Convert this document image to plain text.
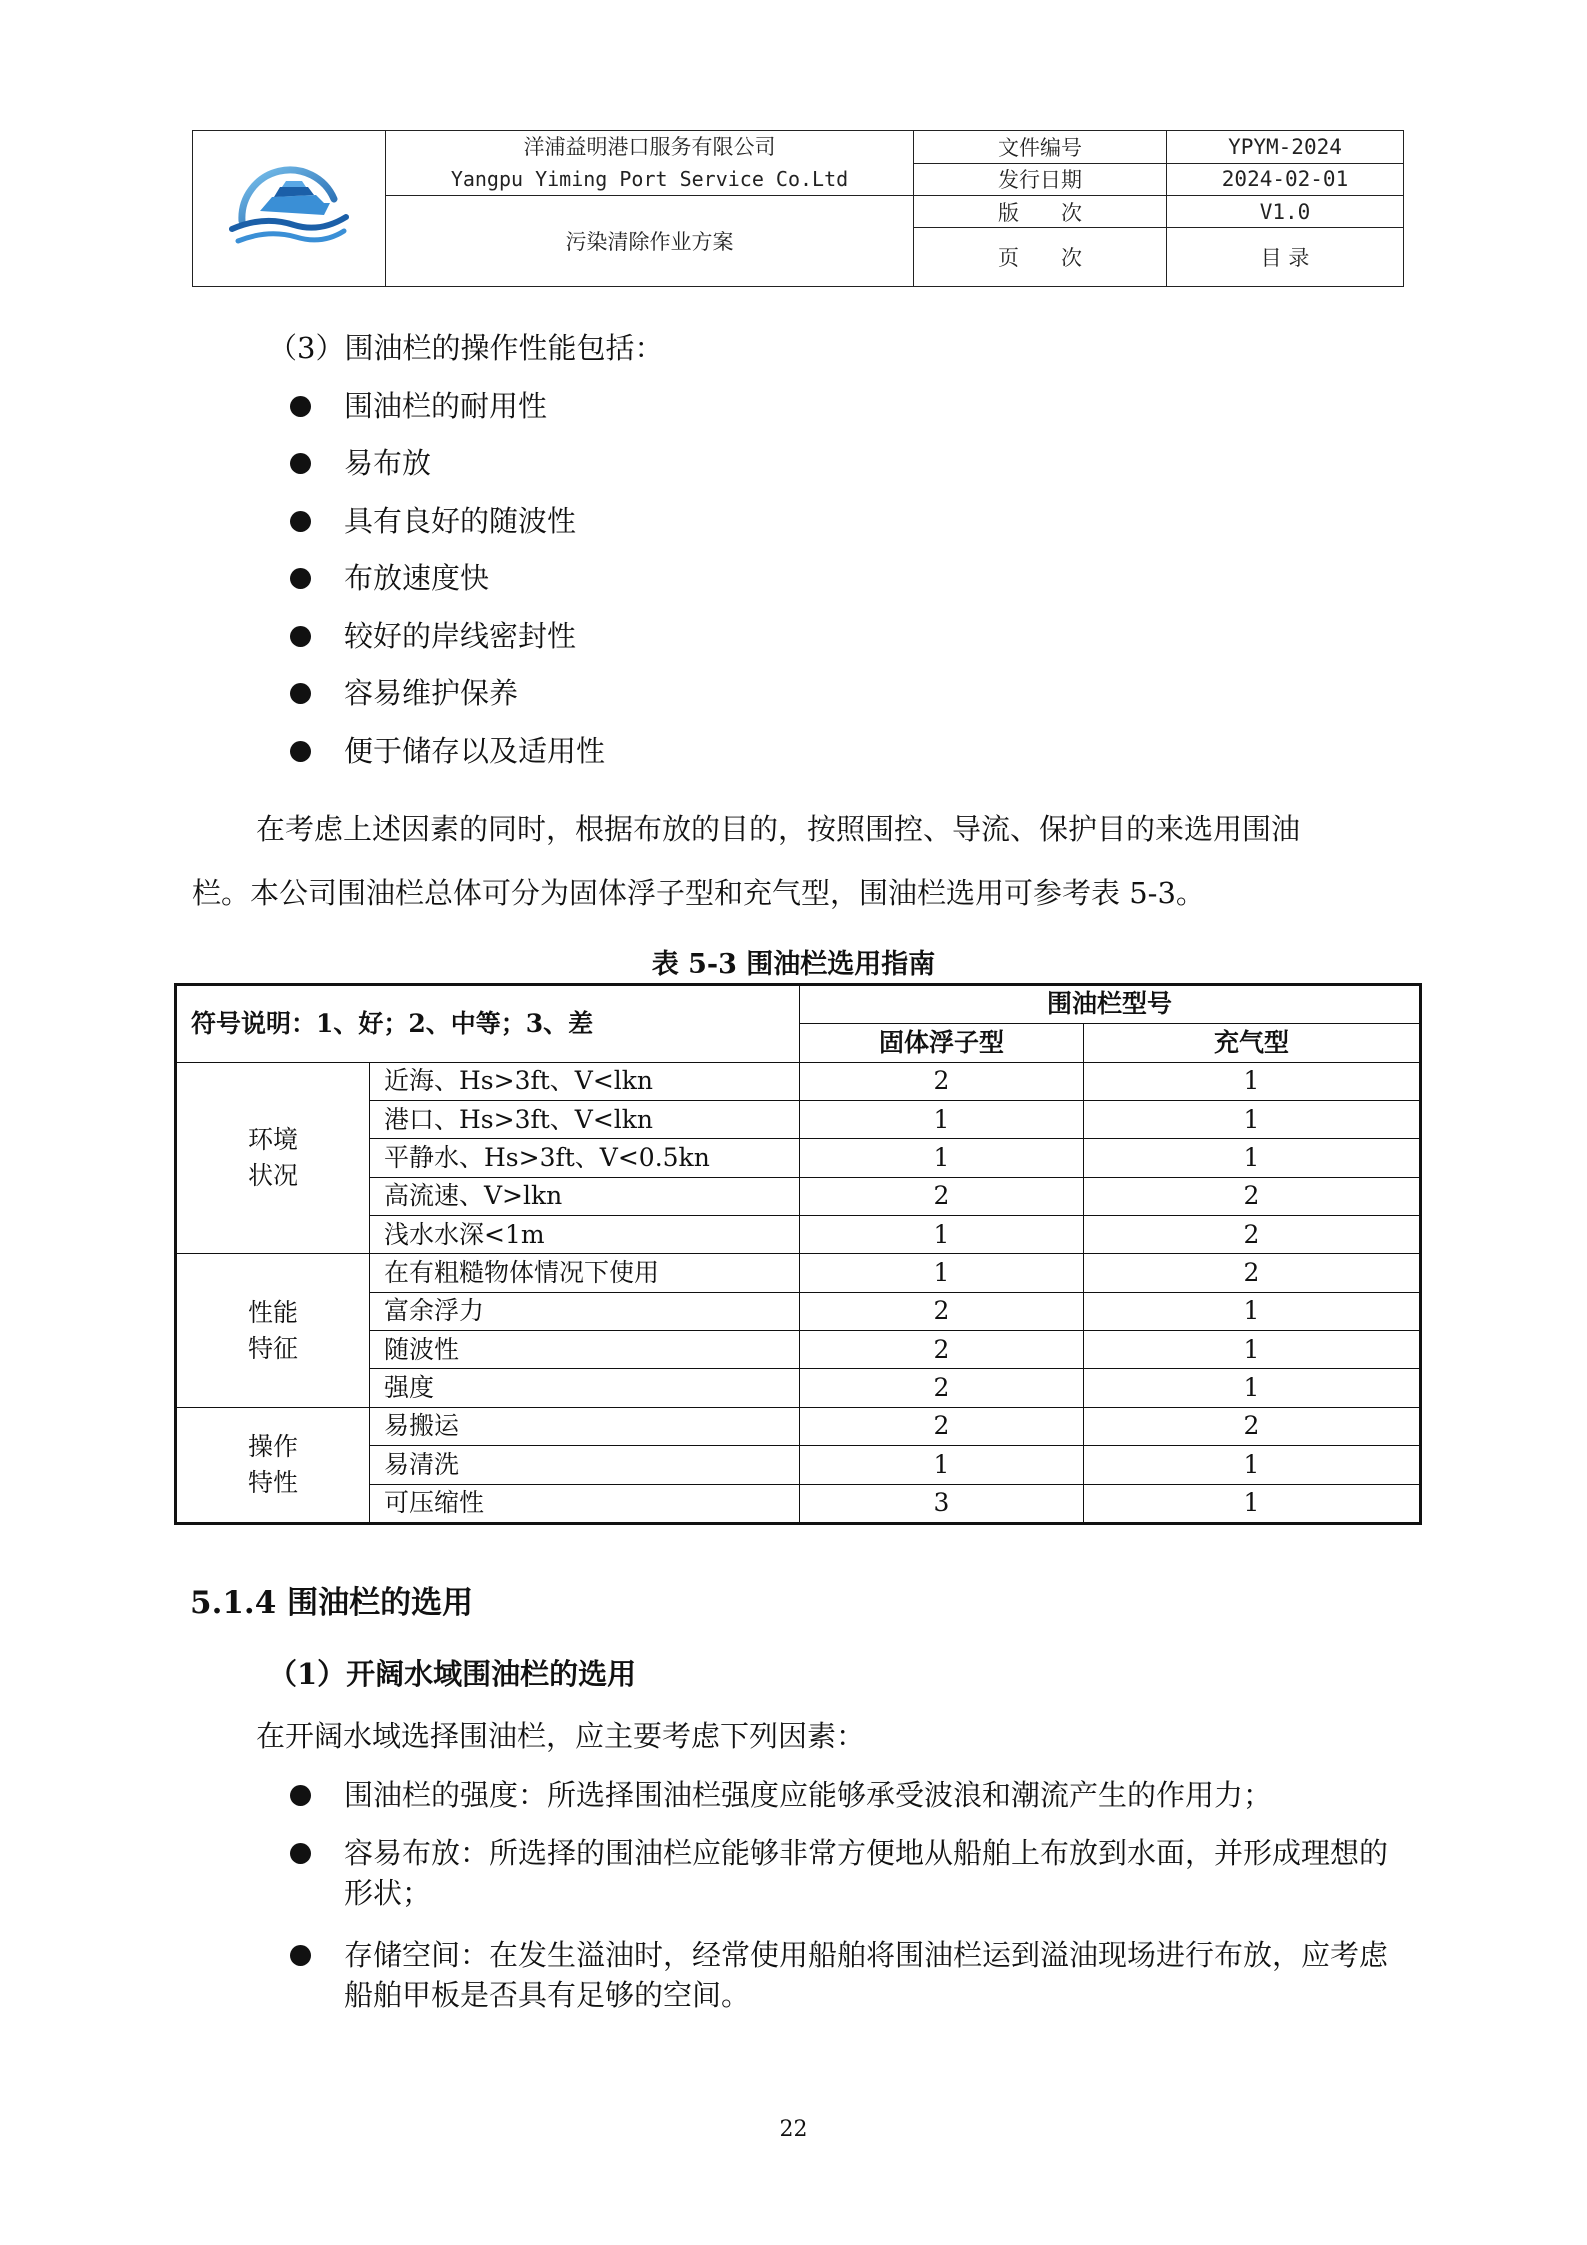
洋浦益明港口服务有限公司
Yangpu Yiming Port Service Co.Ltd	文件编号	YPYM-2024
		发行日期	2024-02-01
	污染清除作业方案	版　　次	V1.0
		页　　次	目 录
（3）围油栏的操作性能包括：
围油栏的耐用性
易布放
具有良好的随波性
布放速度快
较好的岸线密封性
容易维护保养
便于储存以及适用性
在考虑上述因素的同时，根据布放的目的，按照围控、导流、保护目的来选用围油
栏。本公司围油栏总体可分为固体浮子型和充气型，围油栏选用可参考表 5-3。
表 5-3 围油栏选用指南
符号说明：1、好；2、中等；3、差		围油栏型号	
		固体浮子型	充气型
环境
状况	近海、Hs>3ft、V<lkn	2	1
	港口、Hs>3ft、V<lkn	1	1
	平静水、Hs>3ft、V<0.5kn	1	1
	高流速、V>lkn	2	2
	浅水水深<1m	1	2
性能
特征	在有粗糙物体情况下使用	1	2
	富余浮力	2	1
	随波性	2	1
	强度	2	1
操作
特性	易搬运	2	2
	易清洗	1	1
	可压缩性	3	1
5.1.4 围油栏的选用
（1）开阔水域围油栏的选用
在开阔水域选择围油栏，应主要考虑下列因素：
围油栏的强度：所选择围油栏强度应能够承受波浪和潮流产生的作用力；
容易布放：所选择的围油栏应能够非常方便地从船舶上布放到水面，并形成理想的形状；
存储空间：在发生溢油时，经常使用船舶将围油栏运到溢油现场进行布放，应考虑船舶甲板是否具有足够的空间。
22
